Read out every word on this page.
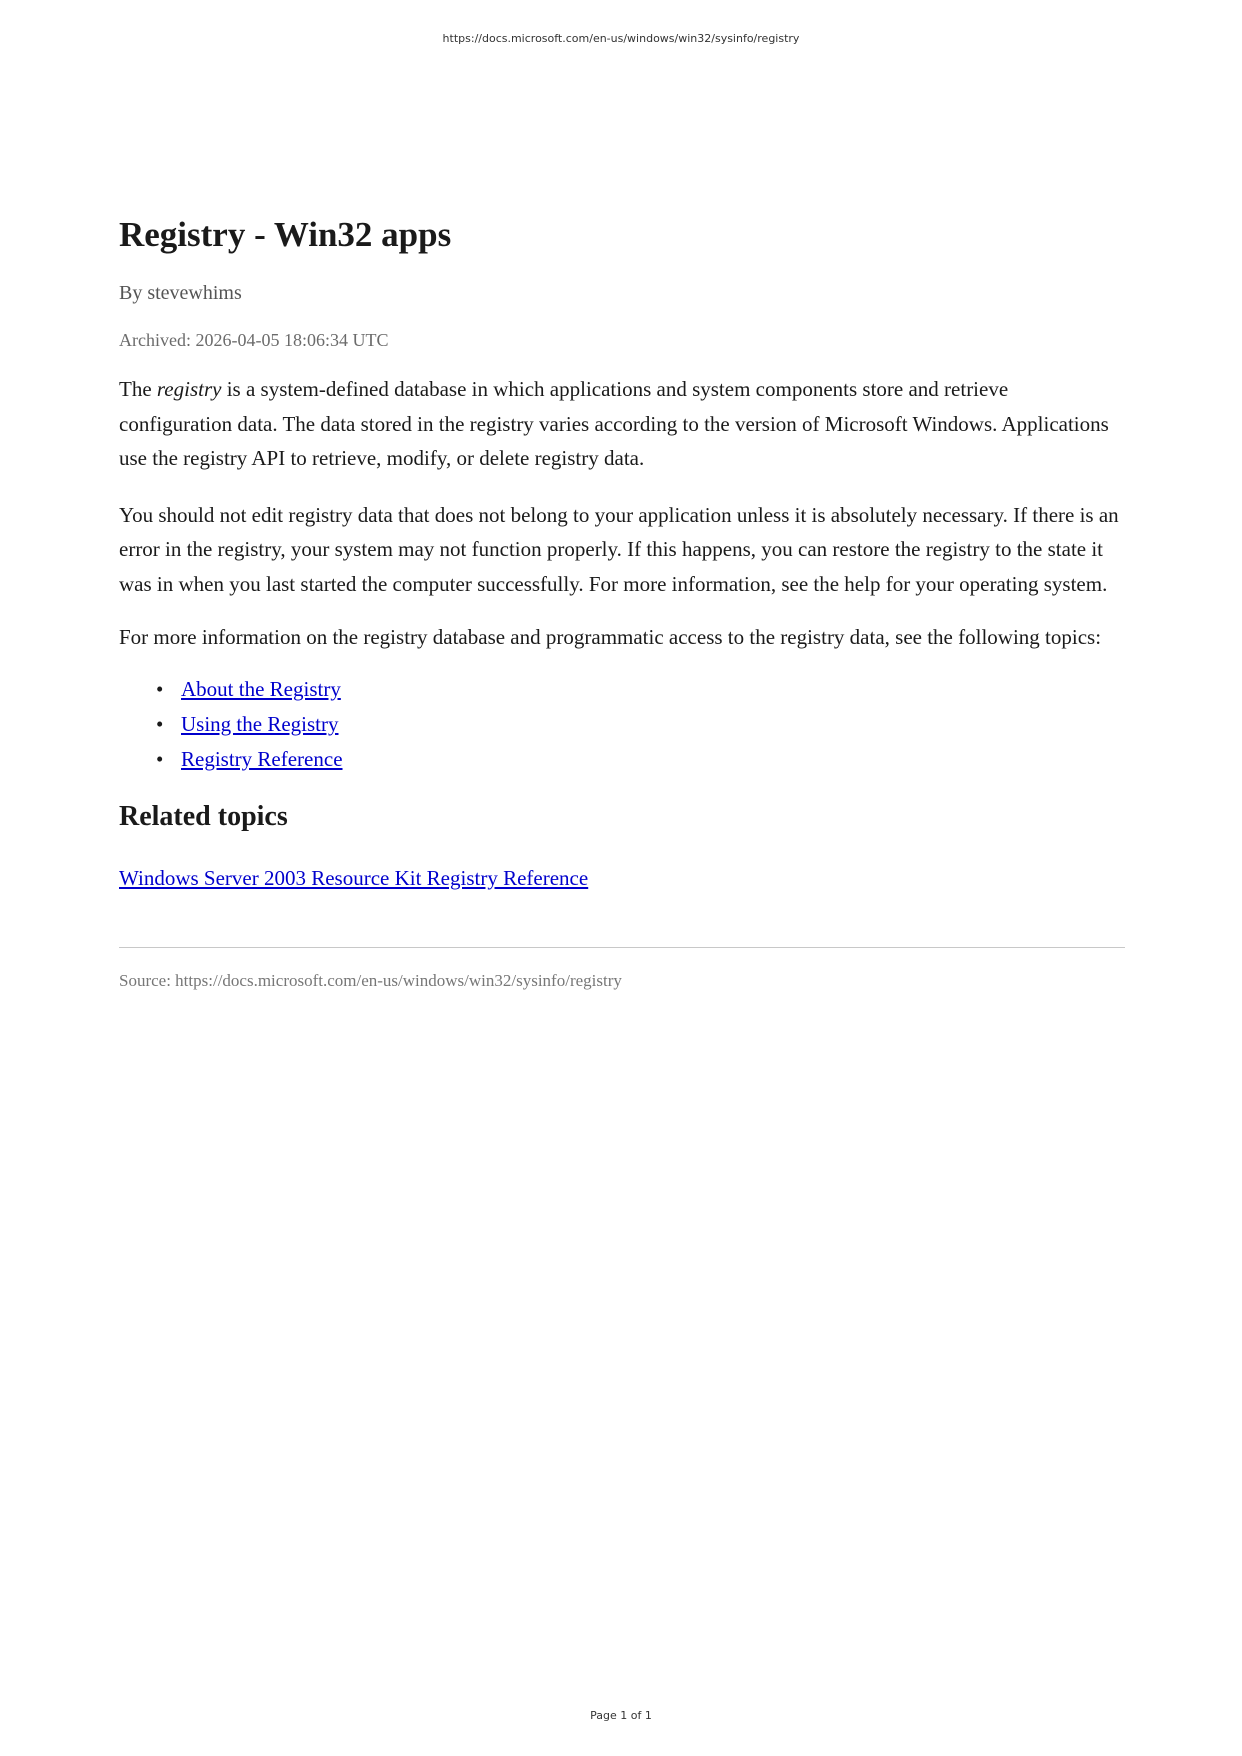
https://docs.microsoft.com/en-us/windows/win32/sysinfo/registry
Registry - Win32 apps
By stevewhims
Archived: 2026-04-05 18:06:34 UTC

The registry is a system-defined database in which applications and system components store and retrieve configuration data. The data stored in the registry varies according to the version of Microsoft Windows. Applications use the registry API to retrieve, modify, or delete registry data.

You should not edit registry data that does not belong to your application unless it is absolutely necessary. If there is an error in the registry, your system may not function properly. If this happens, you can restore the registry to the state it was in when you last started the computer successfully. For more information, see the help for your operating system.

For more information on the registry database and programmatic access to the registry data, see the following topics:

• About the Registry
• Using the Registry
• Registry Reference
Related topics
Windows Server 2003 Resource Kit Registry Reference
Source: https://docs.microsoft.com/en-us/windows/win32/sysinfo/registry
Page 1 of 1
